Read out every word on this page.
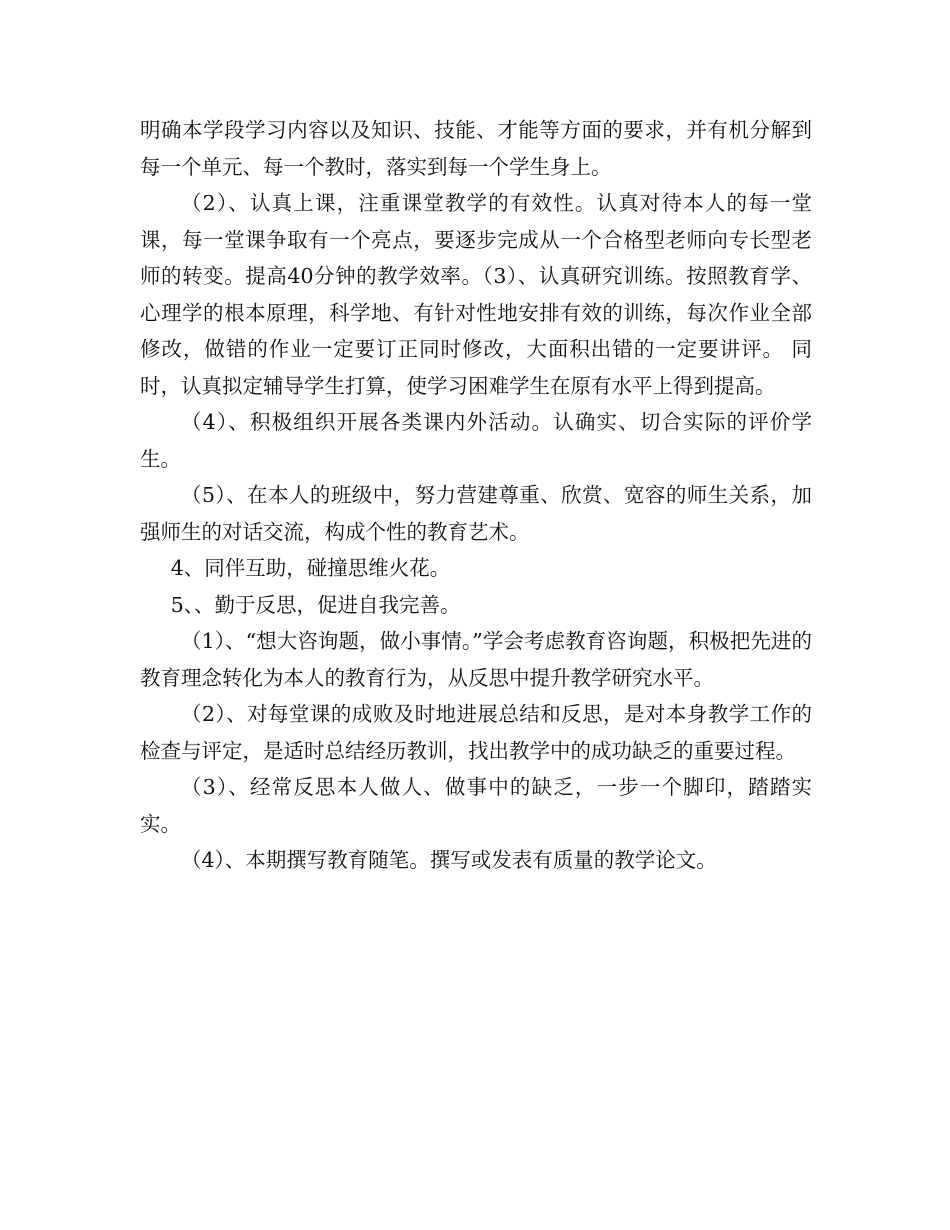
明确本学段学习内容以及知识、技能、才能等方面的要求，并有机分解到每一个单元、每一个教时，落实到每一个学生身上。

（2）、认真上课，注重课堂教学的有效性。认真对待本人的每一堂课，每一堂课争取有一个亮点，要逐步完成从一个合格型老师向专长型老师的转变。提高40分钟的教学效率。（3）、认真研究训练。按照教育学、心理学的根本原理，科学地、有针对性地安排有效的训练，每次作业全部修改，做错的作业一定要订正同时修改，大面积出错的一定要讲评。 同时，认真拟定辅导学生打算，使学习困难学生在原有水平上得到提高。

（4）、积极组织开展各类课内外活动。认确实、切合实际的评价学生。

（5）、在本人的班级中，努力营建尊重、欣赏、宽容的师生关系，加强师生的对话交流，构成个性的教育艺术。

4、同伴互助，碰撞思维火花。

5、、勤于反思，促进自我完善。

（1）、“想大咨询题，做小事情。”学会考虑教育咨询题，积极把先进的教育理念转化为本人的教育行为，从反思中提升教学研究水平。

（2）、对每堂课的成败及时地进展总结和反思，是对本身教学工作的检查与评定，是适时总结经历教训，找出教学中的成功缺乏的重要过程。

（3）、经常反思本人做人、做事中的缺乏，一步一个脚印，踏踏实实。

（4）、本期撰写教育随笔。撰写或发表有质量的教学论文。
